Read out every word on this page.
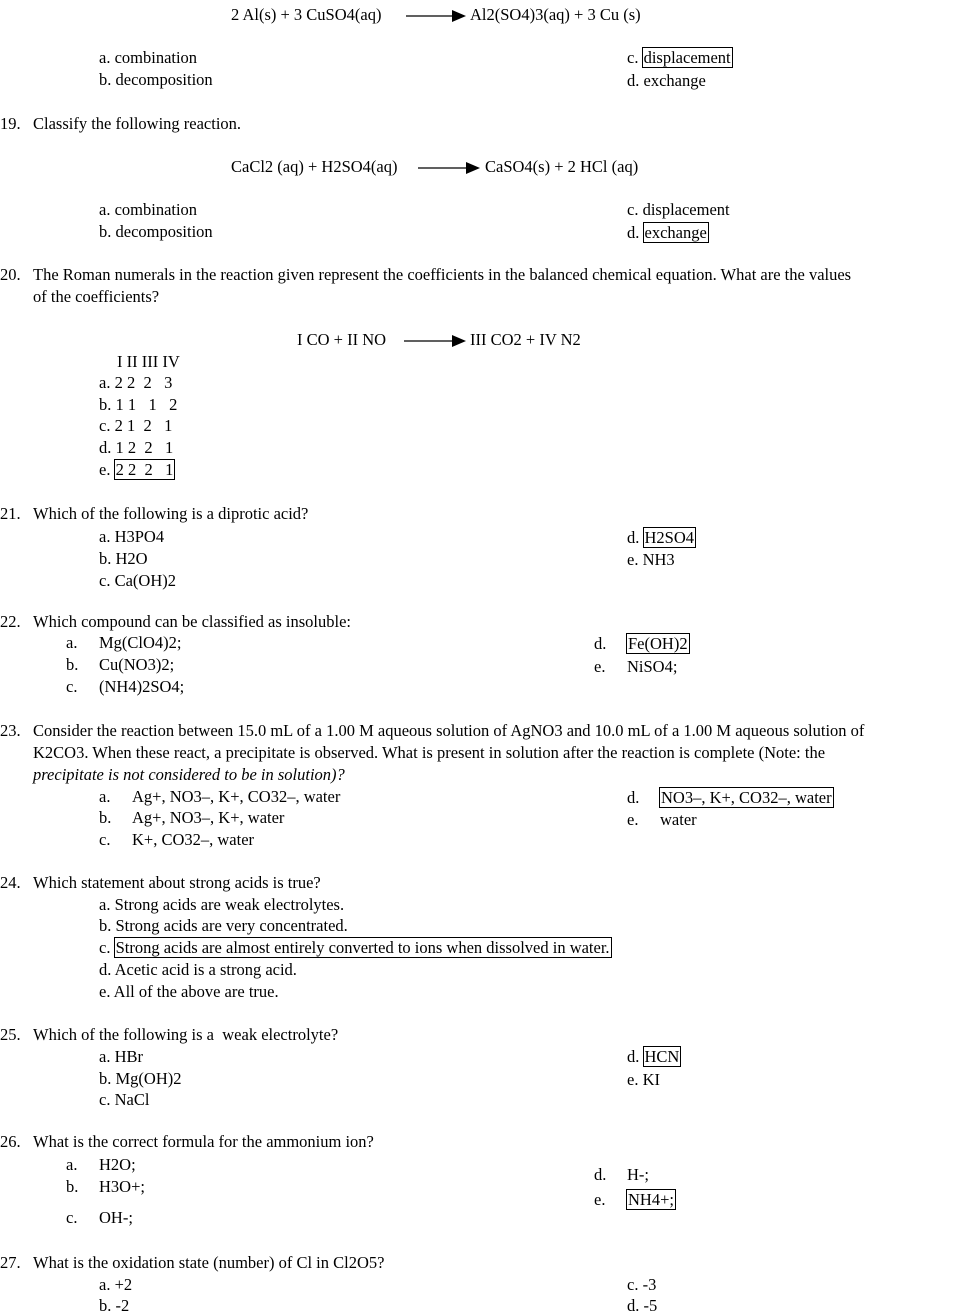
2 Al(s) + 3 CuSO4(aq) → Al2(SO4)3(aq) + 3 Cu (s)
a. combination
b. decomposition
c. displacement
d. exchange
19. Classify the following reaction.
CaCl2 (aq) + H2SO4(aq) → CaSO4(s) + 2 HCl (aq)
a. combination
b. decomposition
c. displacement
d. exchange
20. The Roman numerals in the reaction given represent the coefficients in the balanced chemical equation. What are the values
of the coefficients?
I CO + II NO → III CO2 + IV N2
I II III IV
a. 2 2  2   3
b. 1 1   1   2
c. 2 1  2   1
d. 1 2  2   1
e. 2 2  2   1
21. Which of the following is a diprotic acid?
a. H3PO4
b. H2O
c. Ca(OH)2
d. H2SO4
e. NH3
22. Which compound can be classified as insoluble:
a. Mg(ClO4)2;
b. Cu(NO3)2;
c. (NH4)2SO4;
d. Fe(OH)2
e. NiSO4;
23. Consider the reaction between 15.0 mL of a 1.00 M aqueous solution of AgNO3 and 10.0 mL of a 1.00 M aqueous solution of
K2CO3. When these react, a precipitate is observed. What is present in solution after the reaction is complete (Note: the
precipitate is not considered to be in solution)?
a. Ag+, NO3–, K+, CO32–, water
b. Ag+, NO3–, K+, water
c. K+, CO32–, water
d. NO3–, K+, CO32–, water
e. water
24. Which statement about strong acids is true?
a. Strong acids are weak electrolytes.
b. Strong acids are very concentrated.
c. Strong acids are almost entirely converted to ions when dissolved in water.
d. Acetic acid is a strong acid.
e. All of the above are true.
25. Which of the following is a  weak electrolyte?
a. HBr
b. Mg(OH)2
c. NaCl
d. HCN
e. KI
26. What is the correct formula for the ammonium ion?
a. H2O;
b. H3O+;
c. OH-;
d. H-;
e. NH4+;
27. What is the oxidation state (number) of Cl in Cl2O5?
a. +2
b. -2
c. -3
d. -5
